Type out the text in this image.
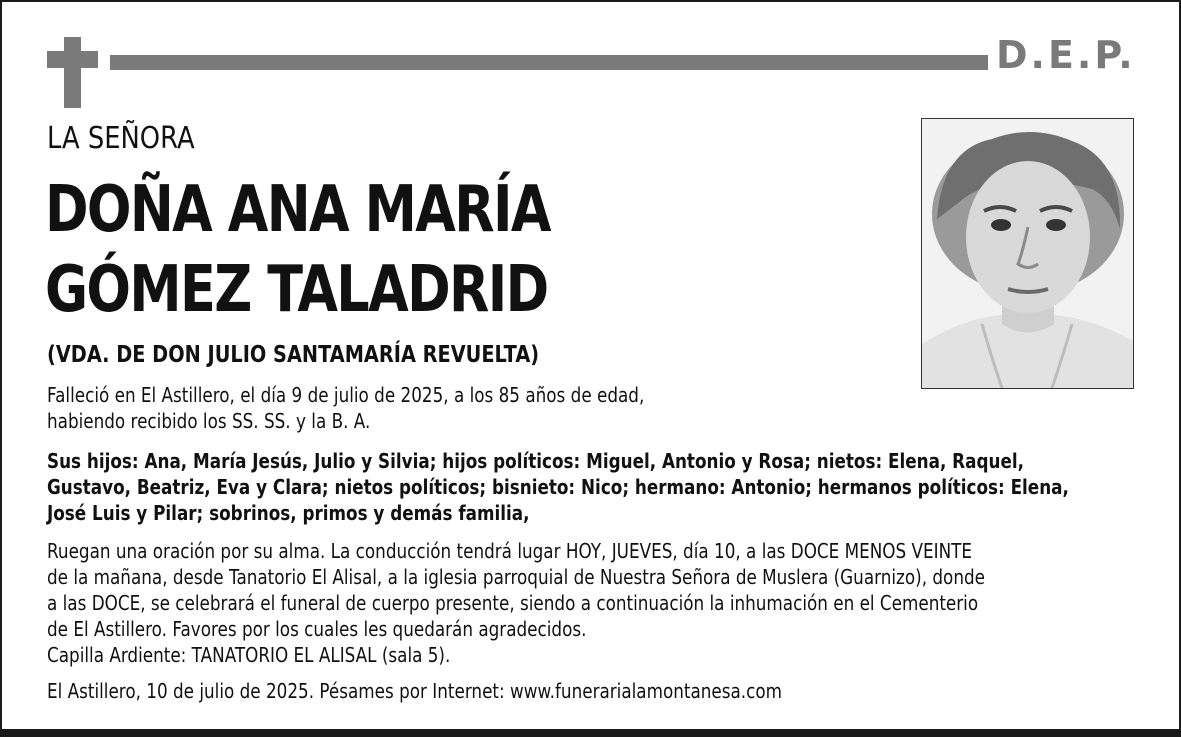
D.E.P.
LA SEÑORA
DOÑA ANA MARÍA
GÓMEZ TALADRID
(VDA. DE DON JULIO SANTAMARÍA REVUELTA)
Falleció en El Astillero, el día 9 de julio de 2025, a los 85 años de edad,
habiendo recibido los SS. SS. y la B. A.
Sus hijos: Ana, María Jesús, Julio y Silvia; hijos políticos: Miguel, Antonio y Rosa; nietos: Elena, Raquel,
Gustavo, Beatriz, Eva y Clara; nietos políticos; bisnieto: Nico; hermano: Antonio; hermanos políticos: Elena,
José Luis y Pilar; sobrinos, primos y demás familia,
Ruegan una oración por su alma. La conducción tendrá lugar HOY, JUEVES, día 10, a las DOCE MENOS VEINTE
de la mañana, desde Tanatorio El Alisal, a la iglesia parroquial de Nuestra Señora de Muslera (Guarnizo), donde
a las DOCE, se celebrará el funeral de cuerpo presente, siendo a continuación la inhumación en el Cementerio
de El Astillero. Favores por los cuales les quedarán agradecidos.
Capilla Ardiente: TANATORIO EL ALISAL (sala 5).
El Astillero, 10 de julio de 2025. Pésames por Internet: www.funerarialamontanesa.com
